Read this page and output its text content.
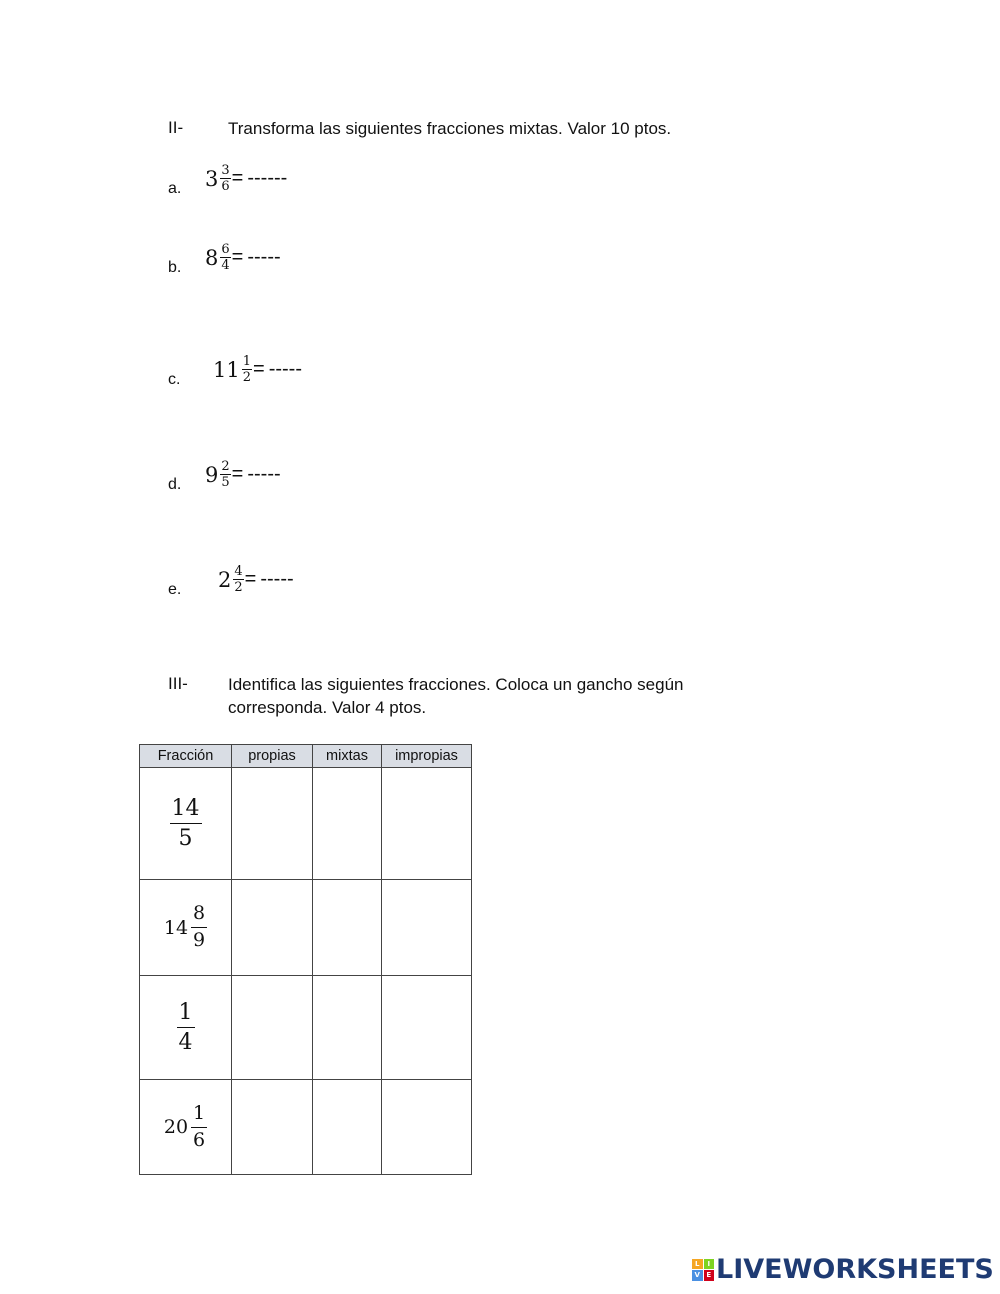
II-	Transforma las siguientes fracciones mixtas. Valor 10 ptos.
a. $3 \frac{3}{6}$ = ------
b. $8 \frac{6}{4}$ = -----
c. $11 \frac{1}{2}$ = -----
d. $9 \frac{2}{5}$ = -----
e. $2 \frac{4}{2}$ = -----
III- Identifica las siguientes fracciones. Coloca un gancho según
corresponda. Valor 4 ptos.
Fracción	propias	mixtas	impropias

$\frac{14}{5}$

$14 \frac{8}{9}$

$\frac{1}{4}$

$20 \frac{1}{6}$

L	I
V E LIVEWORKSHEETS
